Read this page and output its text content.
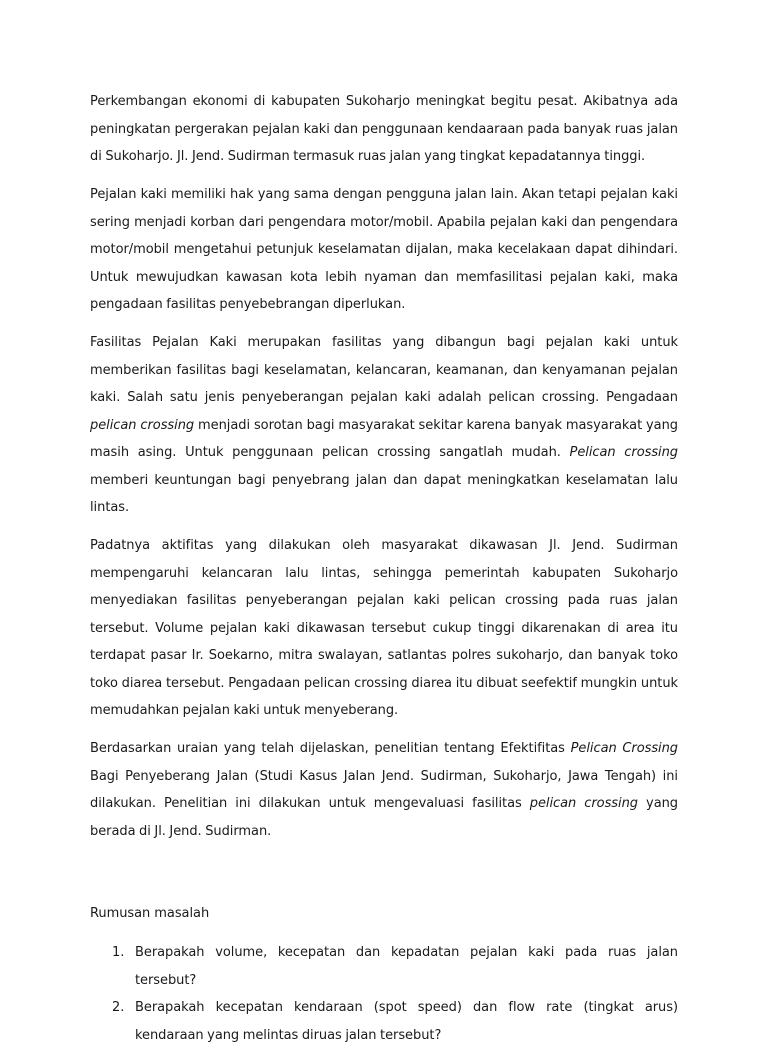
Perkembangan ekonomi di kabupaten Sukoharjo meningkat begitu pesat. Akibatnya ada peningkatan pergerakan pejalan kaki dan penggunaan kendaaraan pada banyak ruas jalan di Sukoharjo. Jl. Jend. Sudirman termasuk ruas jalan yang tingkat kepadatannya tinggi.

Pejalan kaki memiliki hak yang sama dengan pengguna jalan lain. Akan tetapi pejalan kaki sering menjadi korban dari pengendara motor/mobil. Apabila pejalan kaki dan pengendara motor/mobil mengetahui petunjuk keselamatan dijalan, maka kecelakaan dapat dihindari. Untuk mewujudkan kawasan kota lebih nyaman dan memfasilitasi pejalan kaki, maka pengadaan fasilitas penyebebrangan diperlukan.

Fasilitas Pejalan Kaki merupakan fasilitas yang dibangun bagi pejalan kaki untuk memberikan fasilitas bagi keselamatan, kelancaran, keamanan, dan kenyamanan pejalan kaki. Salah satu jenis penyeberangan pejalan kaki adalah pelican crossing. Pengadaan pelican crossing menjadi sorotan bagi masyarakat sekitar karena banyak masyarakat yang masih asing. Untuk penggunaan pelican crossing sangatlah mudah. Pelican crossing memberi keuntungan bagi penyebrang jalan dan dapat meningkatkan keselamatan lalu lintas.

Padatnya aktifitas yang dilakukan oleh masyarakat dikawasan Jl. Jend. Sudirman mempengaruhi kelancaran lalu lintas, sehingga pemerintah kabupaten Sukoharjo menyediakan fasilitas penyeberangan pejalan kaki pelican crossing pada ruas jalan tersebut. Volume pejalan kaki dikawasan tersebut cukup tinggi dikarenakan di area itu terdapat pasar Ir. Soekarno, mitra swalayan, satlantas polres sukoharjo, dan banyak toko toko diarea tersebut. Pengadaan pelican crossing diarea itu dibuat seefektif mungkin untuk memudahkan pejalan kaki untuk menyeberang.

Berdasarkan uraian yang telah dijelaskan, penelitian tentang Efektifitas Pelican Crossing Bagi Penyeberang Jalan (Studi Kasus Jalan Jend. Sudirman, Sukoharjo, Jawa Tengah) ini dilakukan. Penelitian ini dilakukan untuk mengevaluasi fasilitas pelican crossing yang berada di Jl. Jend. Sudirman.

Rumusan masalah
1. Berapakah volume, kecepatan dan kepadatan pejalan kaki pada ruas jalan tersebut?
2. Berapakah kecepatan kendaraan (spot speed) dan flow rate (tingkat arus) kendaraan yang melintas diruas jalan tersebut?
